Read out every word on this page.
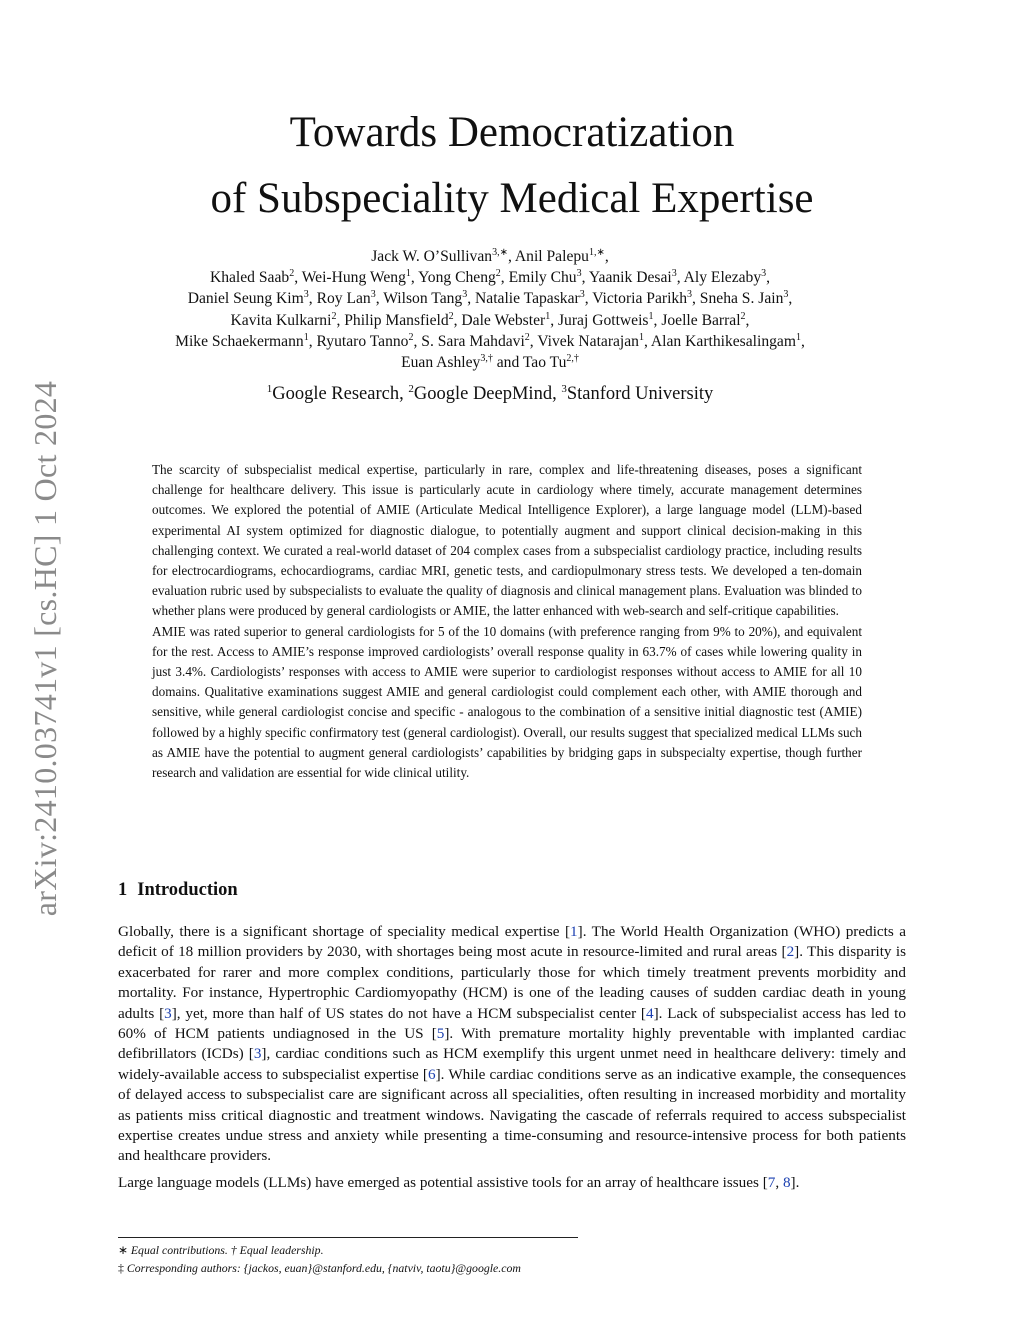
arXiv:2410.03741v1 [cs.HC] 1 Oct 2024
Towards Democratization
of Subspeciality Medical Expertise
Jack W. O’Sullivan$^{3,∗}$, Anil Palepu$^{1,∗}$,
Khaled Saab$^2$, Wei-Hung Weng$^1$, Yong Cheng$^2$, Emily Chu$^3$, Yaanik Desai$^3$, Aly Elezaby$^3$,
Daniel Seung Kim$^3$, Roy Lan$^3$, Wilson Tang$^3$, Natalie Tapaskar$^3$, Victoria Parikh$^3$, Sneha S. Jain$^3$,
Kavita Kulkarni$^2$, Philip Mansfield$^2$, Dale Webster$^1$, Juraj Gottweis$^1$, Joelle Barral$^2$,
Mike Schaekermann$^1$, Ryutaro Tanno$^2$, S. Sara Mahdavi$^2$, Vivek Natarajan$^1$, Alan Karthikesalingam$^1$,
Euan Ashley$^{3,\dagger}$ and Tao $Tu^{2,\dagger}$
$^1$Google Research, $^2$Google DeepMind, $^3$Stanford University

The scarcity of subspecialist medical expertise, particularly in rare, complex and life-threatening diseases, poses a significant challenge for healthcare delivery. This issue is particularly acute in cardiology where timely, accurate management determines outcomes. We explored the potential of AMIE (Articulate Medical Intelligence Explorer), a large language model (LLM)-based experimental AI system optimized for diagnostic dialogue, to potentially augment and support clinical decision-making in this challenging context. We curated a real-world dataset of 204 complex cases from a subspecialist cardiology practice, including results for electrocardiograms, echocardiograms, cardiac MRI, genetic tests, and cardiopulmonary stress tests. We developed a ten-domain evaluation rubric used by subspecialists to evaluate the quality of diagnosis and clinical management plans. Evaluation was blinded to whether plans were produced by general cardiologists or AMIE, the latter enhanced with web-search and self-critique capabilities.

AMIE was rated superior to general cardiologists for 5 of the 10 domains (with preference ranging from 9% to 20%), and equivalent for the rest. Access to AMIE’s response improved cardiologists’ overall response quality in 63.7% of cases while lowering quality in just 3.4%. Cardiologists’ responses with access to AMIE were superior to cardiologist responses without access to AMIE for all 10 domains. Qualitative examinations suggest AMIE and general cardiologist could complement each other, with AMIE thorough and sensitive, while general cardiologist concise and specific - analogous to the combination of a sensitive initial diagnostic test (AMIE) followed by a highly specific confirmatory test (general cardiologist). Overall, our results suggest that specialized medical LLMs such as AMIE have the potential to augment general cardiologists’ capabilities by bridging gaps in subspecialty expertise, though further research and validation are essential for wide clinical utility.

1 Introduction

Globally, there is a significant shortage of speciality medical expertise [1]. The World Health Organization (WHO) predicts a deficit of 18 million providers by 2030, with shortages being most acute in resource-limited and rural areas [2]. This disparity is exacerbated for rarer and more complex conditions, particularly those for which timely treatment prevents morbidity and mortality. For instance, Hypertrophic Cardiomyopathy (HCM) is one of the leading causes of sudden cardiac death in young adults [3], yet, more than half of US states do not have a HCM subspecialist center [4]. Lack of subspecialist access has led to 60% of HCM patients undiagnosed in the US [5]. With premature mortality highly preventable with implanted cardiac defibrillators (ICDs) [3], cardiac conditions such as HCM exemplify this urgent unmet need in healthcare delivery: timely and widely-available access to subspecialist expertise [6]. While cardiac conditions serve as an indicative example, the consequences of delayed access to subspecialist care are significant across all specialities, often resulting in increased morbidity and mortality as patients miss critical diagnostic and treatment windows. Navigating the cascade of referrals required to access subspecialist expertise creates undue stress and anxiety while presenting a time-consuming and resource-intensive process for both patients and healthcare providers.

Large language models (LLMs) have emerged as potential assistive tools for an array of healthcare issues [7, 8].

∗ Equal contributions. † Equal leadership.
‡ Corresponding authors: {jackos, euan}@stanford.edu, {natviv, taotu}@google.com
